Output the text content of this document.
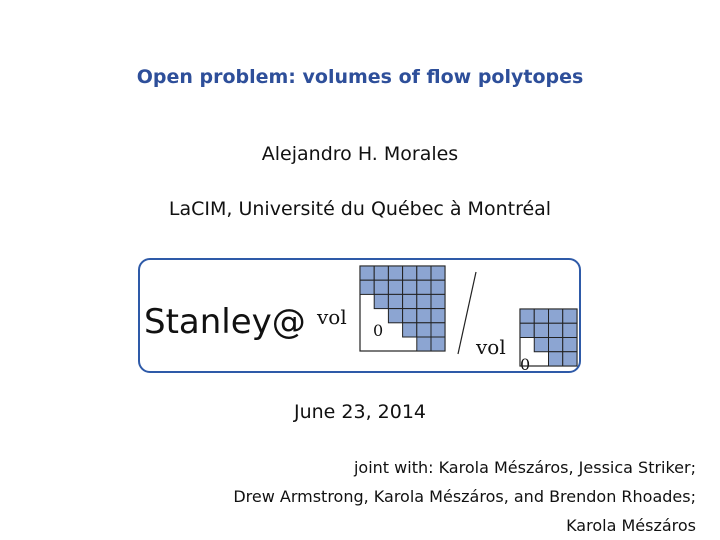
Open problem: volumes of flow polytopes
Alejandro H. Morales
LaCIM, Université du Québec à Montréal
Stanley@ vol
vol
0
0
June 23, 2014
joint with: Karola Mészáros, Jessica Striker;
Drew Armstrong, Karola Mészáros, and Brendon Rhoades;
Karola Mészáros
